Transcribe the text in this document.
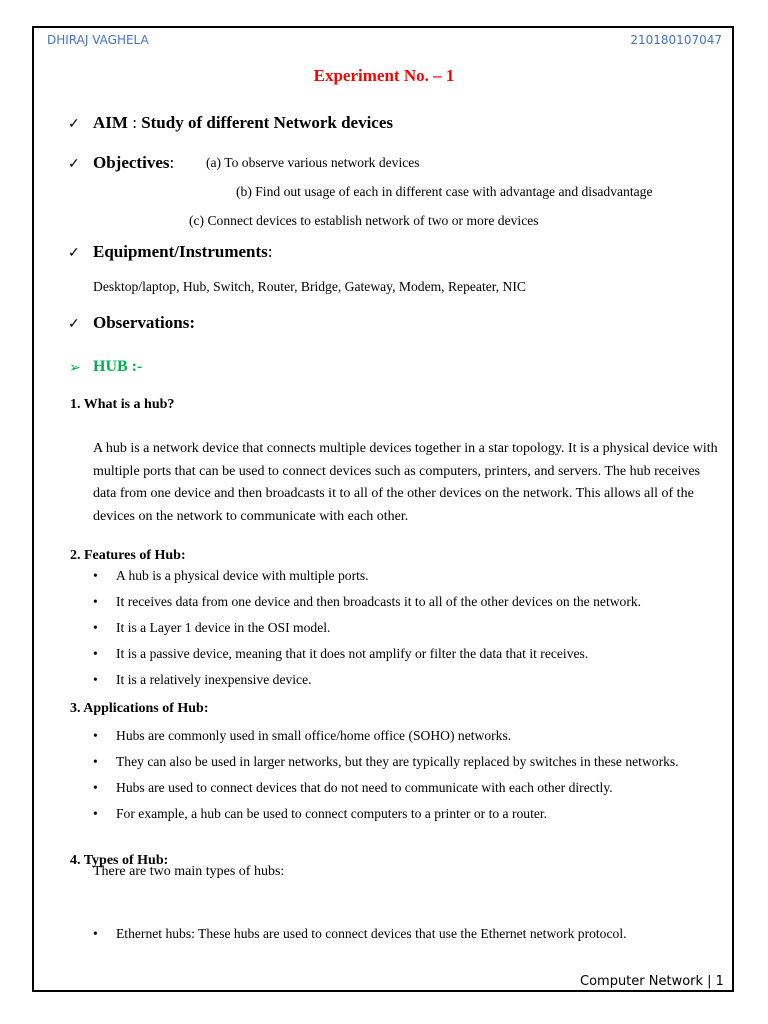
DHIRAJ VAGHELA	210180107047
Experiment No. – 1
✓ AIM : Study of different Network devices
✓ Objectives: (a) To observe various network devices
(b) Find out usage of each in different case with advantage and disadvantage
(c) Connect devices to establish network of two or more devices
✓ Equipment/Instruments:
Desktop/laptop, Hub, Switch, Router, Bridge, Gateway, Modem, Repeater, NIC
✓ Observations:
➢ HUB :-
1. What is a hub?
A hub is a network device that connects multiple devices together in a star topology. It is a physical device with multiple ports that can be used to connect devices such as computers, printers, and servers. The hub receives data from one device and then broadcasts it to all of the other devices on the network. This allows all of the devices on the network to communicate with each other.
2. Features of Hub:
• A hub is a physical device with multiple ports.
• It receives data from one device and then broadcasts it to all of the other devices on the network.
• It is a Layer 1 device in the OSI model.
• It is a passive device, meaning that it does not amplify or filter the data that it receives.
• It is a relatively inexpensive device.
3. Applications of Hub:
• Hubs are commonly used in small office/home office (SOHO) networks.
• They can also be used in larger networks, but they are typically replaced by switches in these networks.
• Hubs are used to connect devices that do not need to communicate with each other directly.
• For example, a hub can be used to connect computers to a printer or to a router.
4. Types of Hub:
There are two main types of hubs:
• Ethernet hubs: These hubs are used to connect devices that use the Ethernet network protocol.
Computer Network | 1
